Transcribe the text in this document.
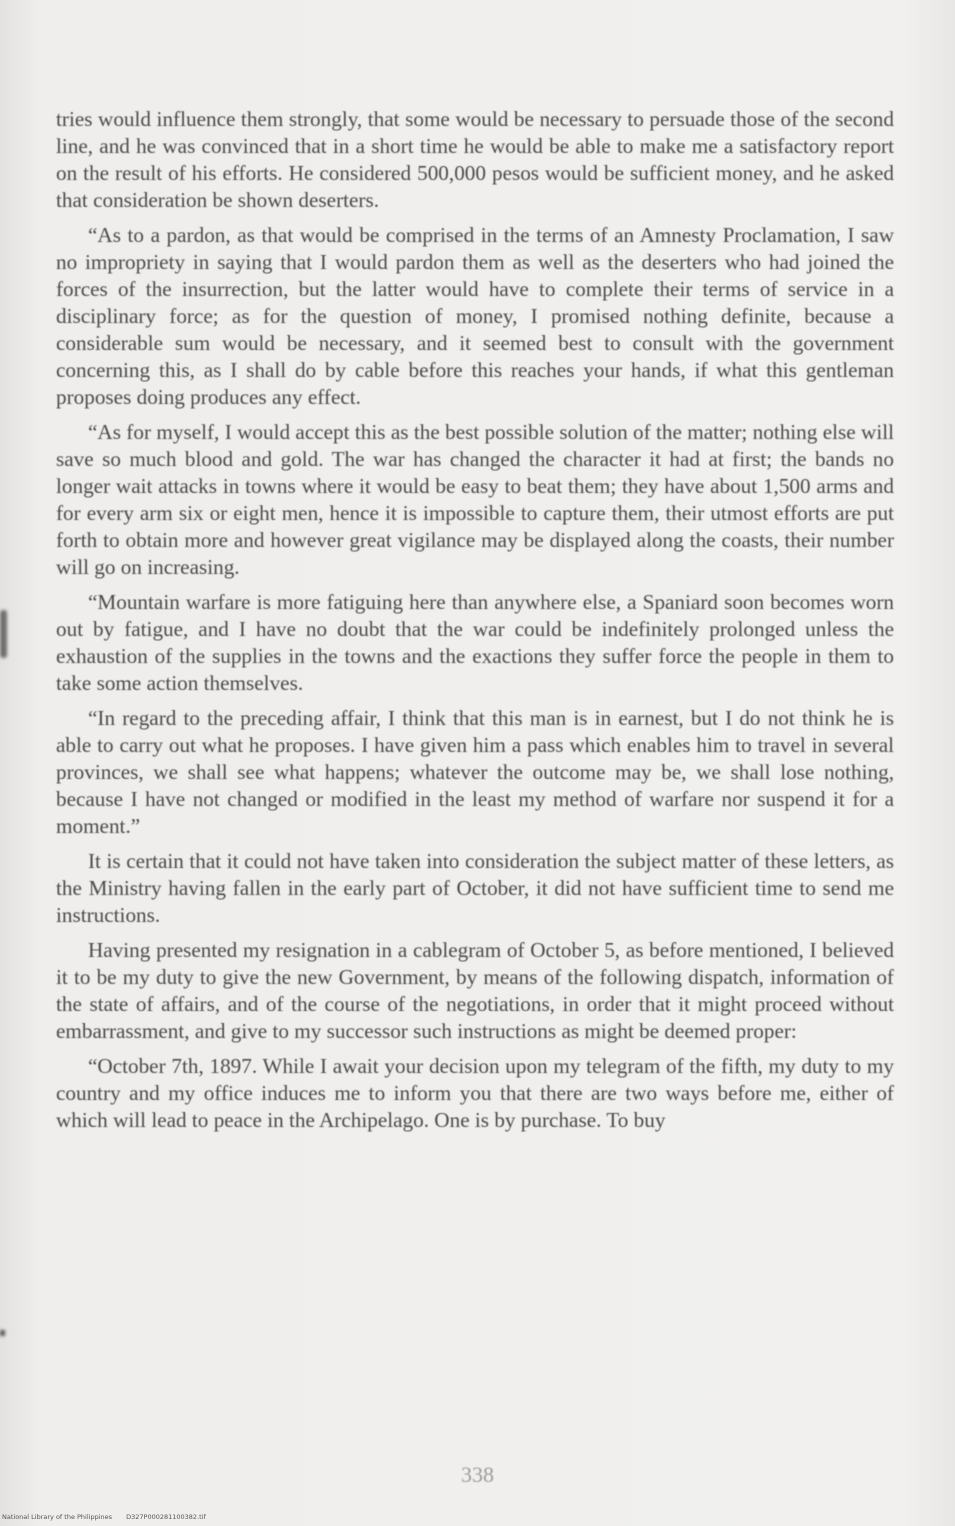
tries would influence them strongly, that some would be necessary to persuade those of the second line, and he was convinced that in a short time he would be able to make me a satisfactory report on the result of his efforts. He considered 500,000 pesos would be sufficient money, and he asked that consideration be shown deserters.

“As to a pardon, as that would be comprised in the terms of an Amnesty Proclamation, I saw no impropriety in saying that I would pardon them as well as the deserters who had joined the forces of the insurrection, but the latter would have to complete their terms of service in a disciplinary force; as for the question of money, I promised nothing definite, because a considerable sum would be necessary, and it seemed best to consult with the government concerning this, as I shall do by cable before this reaches your hands, if what this gentleman proposes doing produces any effect.

“As for myself, I would accept this as the best possible solution of the matter; nothing else will save so much blood and gold. The war has changed the character it had at first; the bands no longer wait attacks in towns where it would be easy to beat them; they have about 1,500 arms and for every arm six or eight men, hence it is impossible to capture them, their utmost efforts are put forth to obtain more and however great vigilance may be displayed along the coasts, their number will go on increasing.

“Mountain warfare is more fatiguing here than anywhere else, a Spaniard soon becomes worn out by fatigue, and I have no doubt that the war could be indefinitely prolonged unless the exhaustion of the supplies in the towns and the exactions they suffer force the people in them to take some action themselves.

“In regard to the preceding affair, I think that this man is in earnest, but I do not think he is able to carry out what he proposes. I have given him a pass which enables him to travel in several provinces, we shall see what happens; whatever the outcome may be, we shall lose nothing, because I have not changed or modified in the least my method of warfare nor suspend it for a moment.”

It is certain that it could not have taken into consideration the subject matter of these letters, as the Ministry having fallen in the early part of October, it did not have sufficient time to send me instructions.

Having presented my resignation in a cablegram of October 5, as before mentioned, I believed it to be my duty to give the new Government, by means of the following dispatch, information of the state of affairs, and of the course of the negotiations, in order that it might proceed without embarrassment, and give to my successor such instructions as might be deemed proper:

“October 7th, 1897. While I await your decision upon my telegram of the fifth, my duty to my country and my office induces me to inform you that there are two ways before me, either of which will lead to peace in the Archipelago. One is by purchase. To buy

338
National Library of the Philippines D327P000281100382.tif
